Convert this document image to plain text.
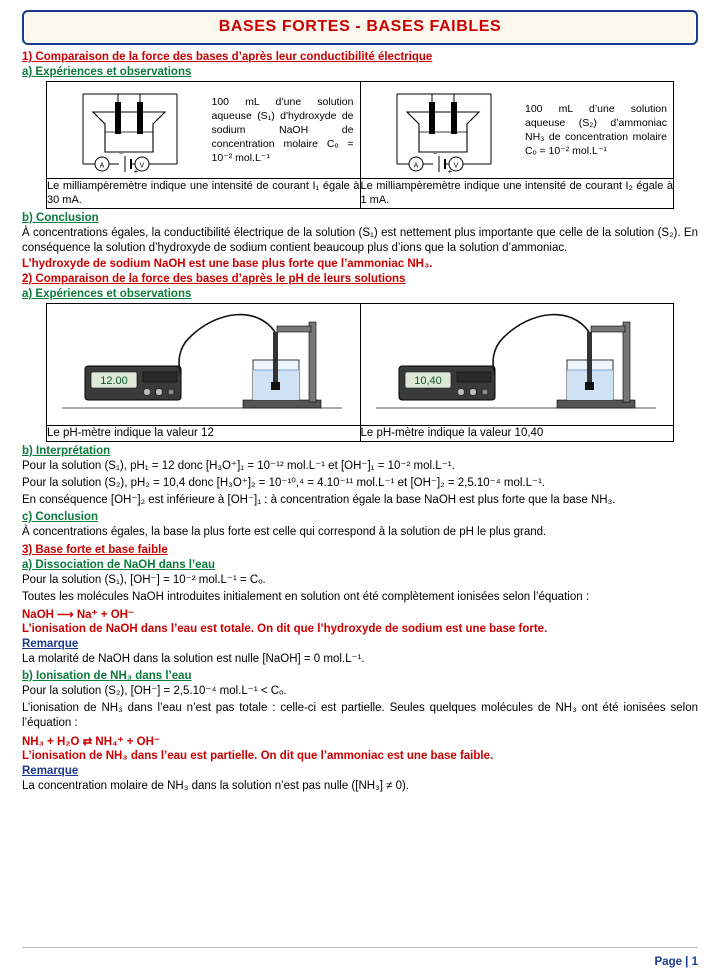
BASES FORTES - BASES FAIBLES
1) Comparaison de la force des bases d’après leur conductibilité électrique
a) Expériences et observations
A
−
+
V
100 mL d’une solution aqueuse (S₁) d'hydroxyde de sodium NaOH de concentration molaire Cₒ = 10⁻² mol.L⁻¹

A
−
+
V
100 mL d’une solution aqueuse (S₂) d’ammoniac NH₃ de concentration molaire Cₒ = 10⁻² mol.L⁻¹

Le milliampèremètre indique une intensité de courant I₁ égale à 30 mA.	Le milliampèremètre indique une intensité de courant I₂ égale à 1 mA.
b) Conclusion

À concentrations égales, la conductibilité électrique de la solution (S₁) est nettement plus importante que celle de la solution (S₂). En conséquence la solution d’hydroxyde de sodium contient beaucoup plus d’ions que la solution d’ammoniac.

L’hydroxyde de sodium NaOH est une base plus forte que l’ammoniac NH₃.
2) Comparaison de la force des bases d’après le pH de leurs solutions
a) Expériences et observations
12.00	10,40

Le pH-mètre indique la valeur 12	Le pH-mètre indique la valeur 10,40
b) Interprétation

Pour la solution (S₁), pH₁ = 12 donc [H₃O⁺]₁ = 10⁻¹² mol.L⁻¹ et [OH⁻]₁ = 10⁻² mol.L⁻¹.

Pour la solution (S₂), pH₂ = 10,4 donc [H₃O⁺]₂ = 10⁻¹⁰,⁴ = 4.10⁻¹¹ mol.L⁻¹ et [OH⁻]₂ = 2,5.10⁻⁴ mol.L⁻¹.

En conséquence [OH⁻]₂ est inférieure à [OH⁻]₁ : à concentration égale la base NaOH est plus forte que la base NH₃.

c) Conclusion

À concentrations égales, la base la plus forte est celle qui correspond à la solution de pH le plus grand.

3) Base forte et base faible
a) Dissociation de NaOH dans l’eau

Pour la solution (S₁), [OH⁻] = 10⁻² mol.L⁻¹ = Cₒ.

Toutes les molécules NaOH introduites initialement en solution ont été complètement ionisées selon l’équation :

NaOH ⟶ Na⁺ + OH⁻
L’ionisation de NaOH dans l’eau est totale. On dit que l’hydroxyde de sodium est une base forte.
Remarque

La molarité de NaOH dans la solution est nulle [NaOH] = 0 mol.L⁻¹.

b) Ionisation de NH₃ dans l’eau

Pour la solution (S₂), [OH⁻] = 2,5.10⁻⁴ mol.L⁻¹ < Cₒ.

L’ionisation de NH₃ dans l’eau n’est pas totale : celle-ci est partielle. Seules quelques molécules de NH₃ ont été ionisées selon l’équation :

NH₃ + H₂O ⇄ NH₄⁺ + OH⁻
L’ionisation de NH₃ dans l’eau est partielle. On dit que l’ammoniac est une base faible.
Remarque

La concentration molaire de NH₃ dans la solution n’est pas nulle ([NH₃] ≠ 0).

Page | 1
